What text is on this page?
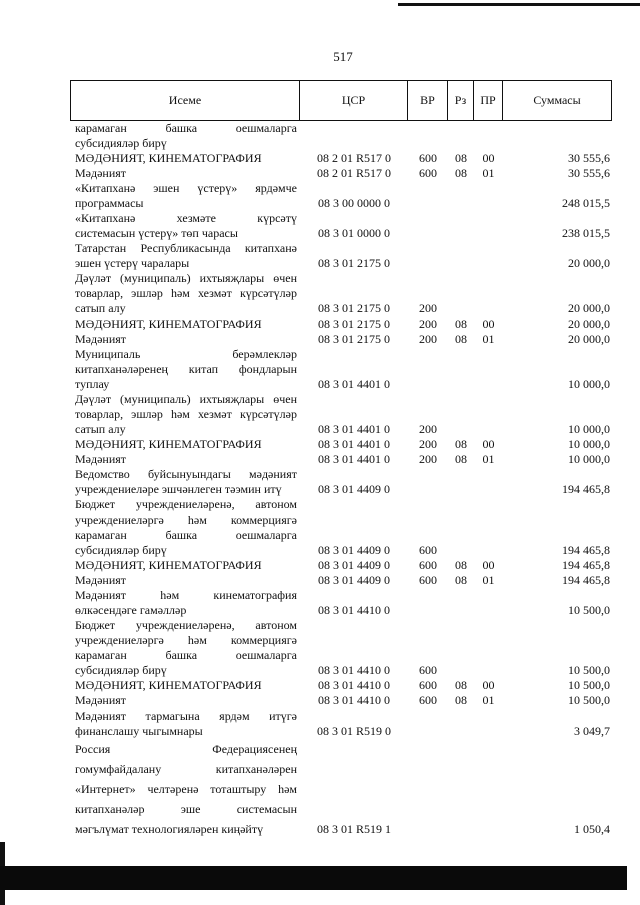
517
Исеме	ЦСР	ВР	Рз	ПР	Суммасы
карамаган башка оешмаларга
субсидияләр бирү
МӘДӘНИЯТ, КИНЕМАТОГРАФИЯ	08 2 01 R517 0	600	08	00	30 555,6
Мәдәният	08 2 01 R517 0	600	08	01	30 555,6
«Китапханә эшен үстерү» ярдәмче
программасы	08 3 00 0000 0	248 015,5
«Китапханә хезмәте күрсәтү
системасын үстерү» төп чарасы	08 3 01 0000 0	238 015,5
Татарстан Республикасында китапханә
эшен үстерү чаралары	08 3 01 2175 0	20 000,0
Дәүләт (муниципаль) ихтыяҗлары өчен
товарлар, эшләр һәм хезмәт күрсәтүләр
сатып алу	08 3 01 2175 0	200	20 000,0
МӘДӘНИЯТ, КИНЕМАТОГРАФИЯ	08 3 01 2175 0	200	08	00	20 000,0
Мәдәният	08 3 01 2175 0	200	08	01	20 000,0
Муниципаль берәмлекләр
китапханәләренең китап фондларын
туплау	08 3 01 4401 0	10 000,0
Дәүләт (муниципаль) ихтыяҗлары өчен
товарлар, эшләр һәм хезмәт күрсәтүләр
сатып алу	08 3 01 4401 0	200	10 000,0
МӘДӘНИЯТ, КИНЕМАТОГРАФИЯ	08 3 01 4401 0	200	08	00	10 000,0
Мәдәният	08 3 01 4401 0	200	08	01	10 000,0
Ведомство буйсынуындагы мәдәният
учреждениеләре эшчәнлеген тәэмин итү	08 3 01 4409 0	194 465,8
Бюджет учреждениеләренә, автоном
учреждениеләргә һәм коммерциягә
карамаган башка оешмаларга
субсидияләр бирү	08 3 01 4409 0	600	194 465,8
МӘДӘНИЯТ, КИНЕМАТОГРАФИЯ	08 3 01 4409 0	600	08	00	194 465,8
Мәдәният	08 3 01 4409 0	600	08	01	194 465,8
Мәдәният һәм кинематография
өлкәсендәге гамәлләр	08 3 01 4410 0	10 500,0
Бюджет учреждениеләренә, автоном
учреждениеләргә һәм коммерциягә
карамаган башка оешмаларга
субсидияләр бирү	08 3 01 4410 0	600	10 500,0
МӘДӘНИЯТ, КИНЕМАТОГРАФИЯ	08 3 01 4410 0	600	08	00	10 500,0
Мәдәният	08 3 01 4410 0	600	08	01	10 500,0
Мәдәният тармагына ярдәм итүгә
финанслашу чыгымнары	08 3 01 R519 0	3 049,7
Россия Федерациясенең
гомумфайдалану китапханәләрен
«Интернет» челтәренә тоташтыру һәм
китапханәләр эше системасын
мәгълүмат технологияләрен киңәйтү	08 3 01 R519 1	1 050,4
